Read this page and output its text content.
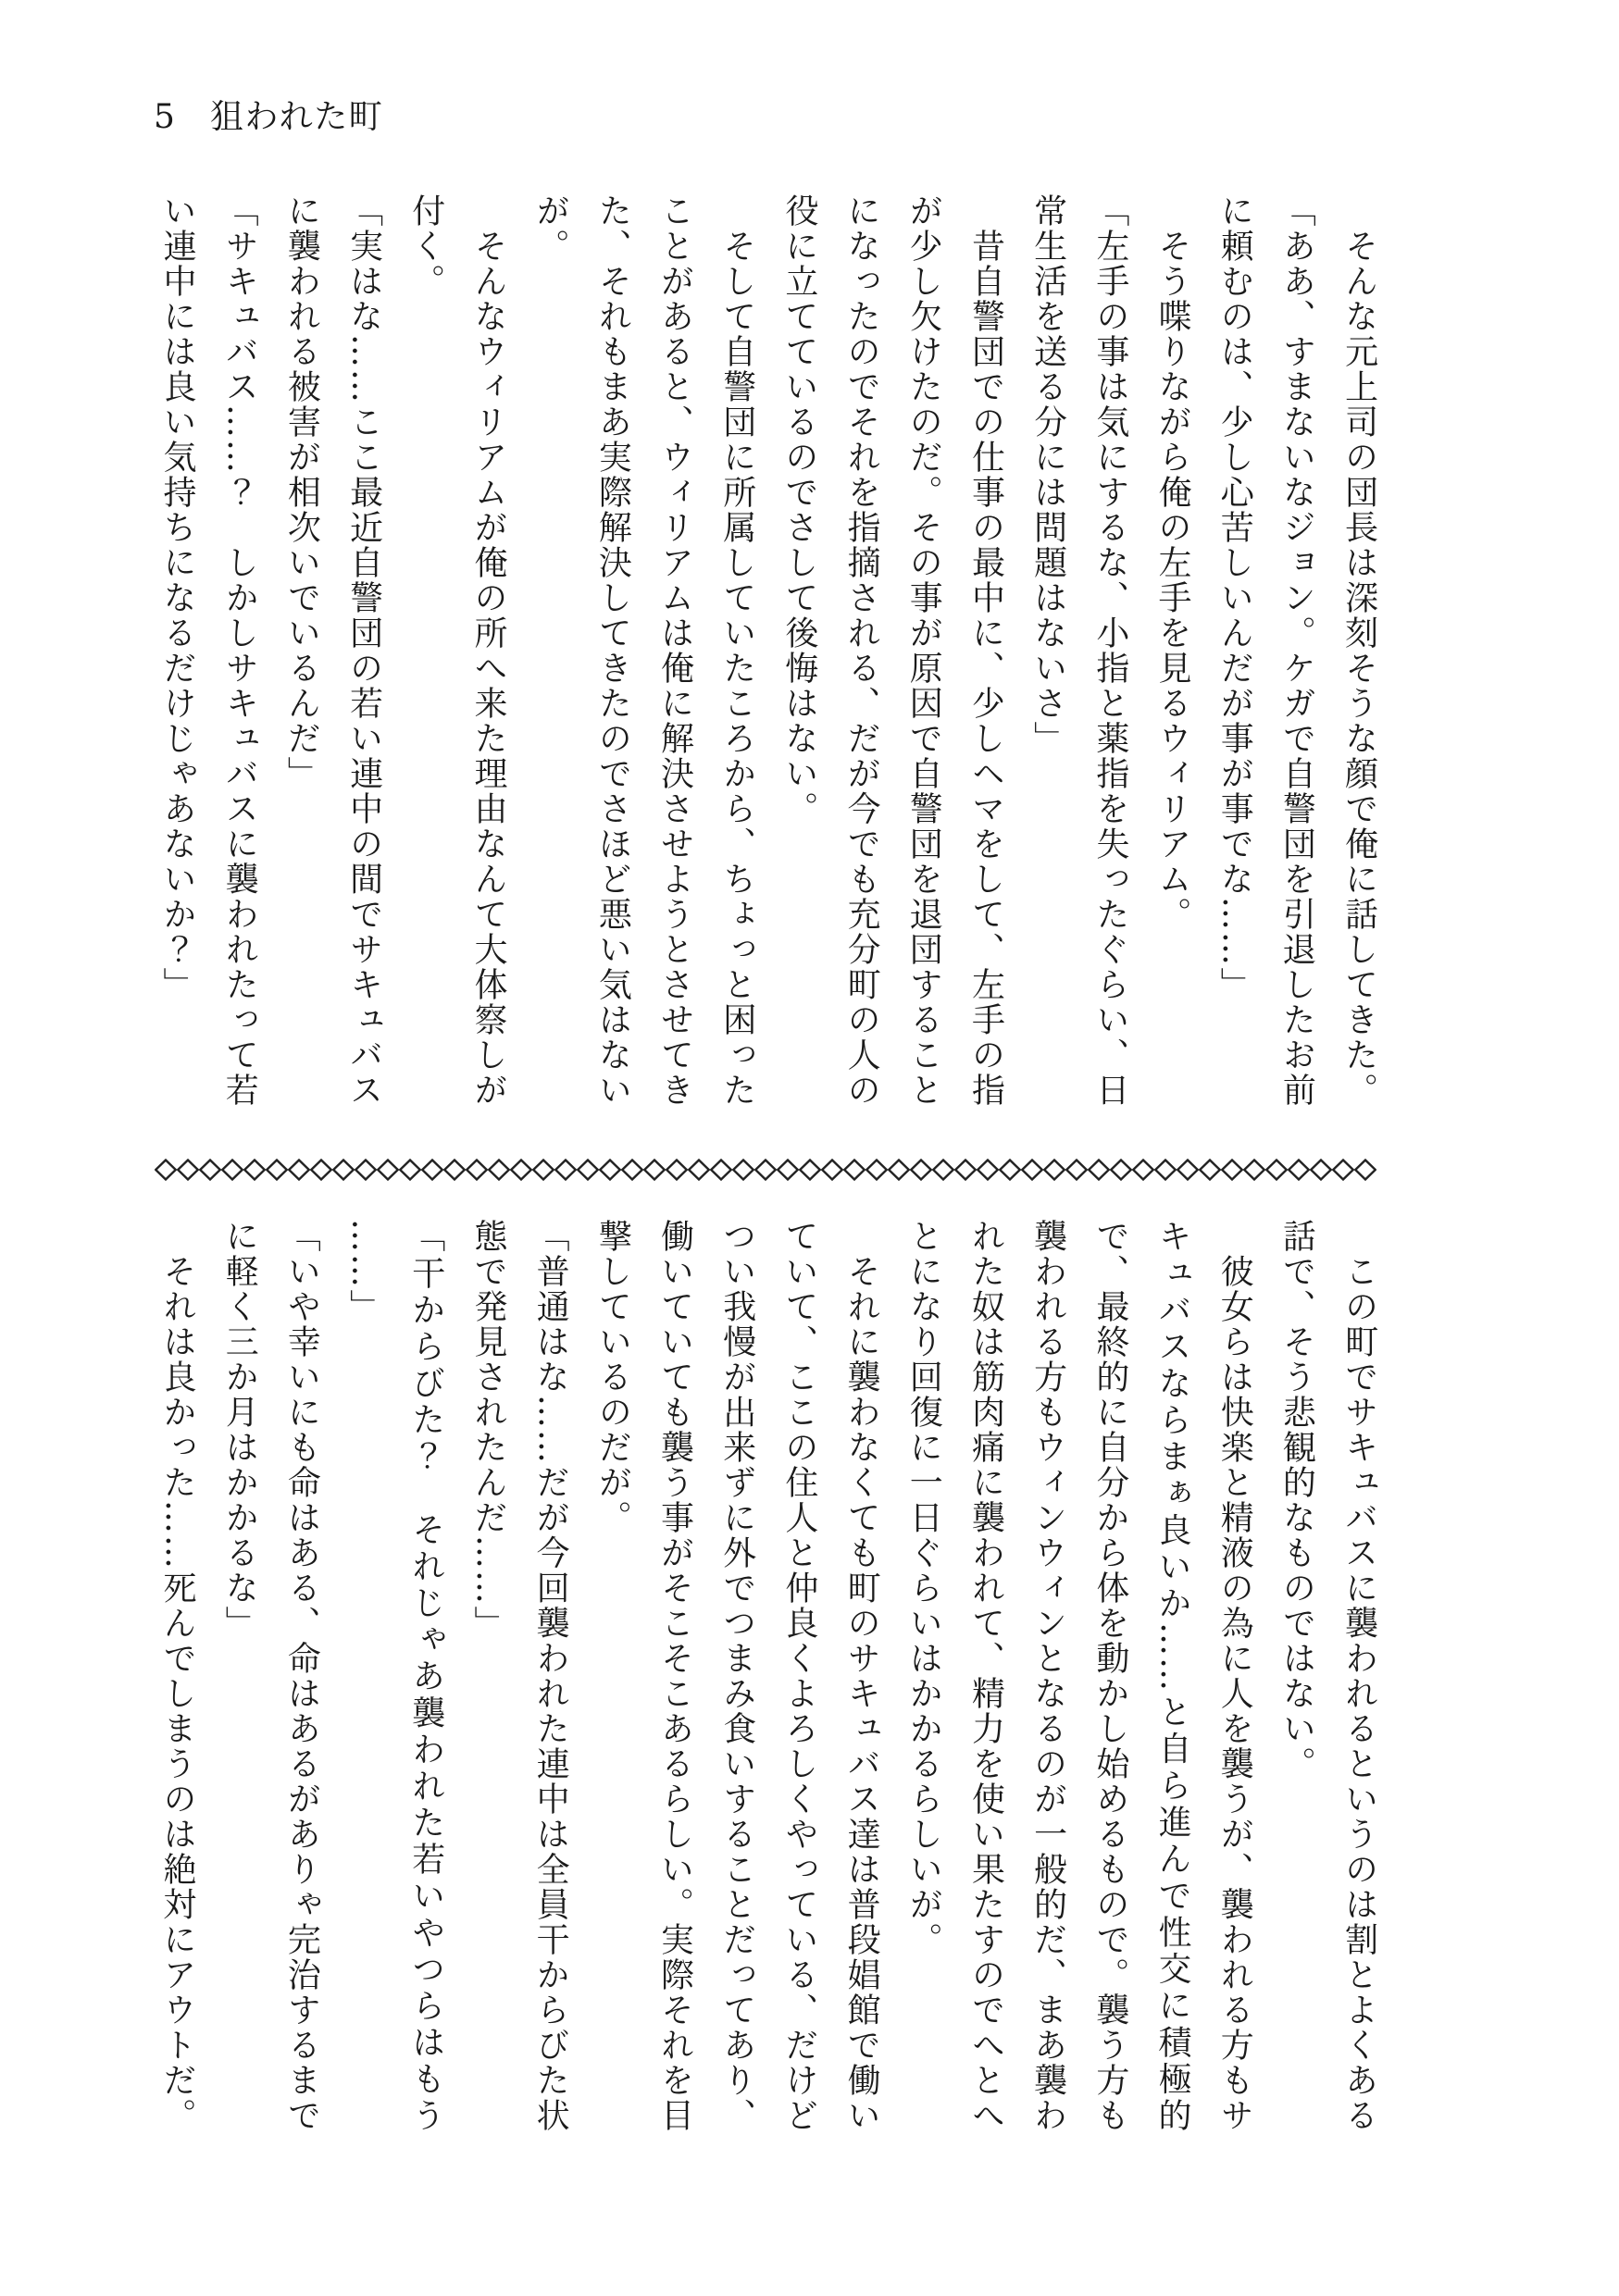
5 狙われた町

　そんな元上司の団長は深刻そうな顔で俺に話してきた。

「ああ、すまないなジョン。ケガで自警団を引退したお前

に頼むのは、少し心苦しいんだが事が事でな……」

　そう喋りながら俺の左手を見るウィリアム。

「左手の事は気にするな、小指と薬指を失ったぐらい、日

常生活を送る分には問題はないさ」

　昔自警団での仕事の最中に、少しヘマをして、左手の指

が少し欠けたのだ。その事が原因で自警団を退団すること

になったのでそれを指摘される、だが今でも充分町の人の

役に立てているのでさして後悔はない。

　そして自警団に所属していたころから、ちょっと困った

ことがあると、ウィリアムは俺に解決させようとさせてき

た、それもまあ実際解決してきたのでさほど悪い気はない

が。

　そんなウィリアムが俺の所へ来た理由なんて大体察しが

付く。

「実はな……ここ最近自警団の若い連中の間でサキュバス

に襲われる被害が相次いでいるんだ」

「サキュバス……？　しかしサキュバスに襲われたって若

い連中には良い気持ちになるだけじゃあないか？」

　この町でサキュバスに襲われるというのは割とよくある

話で、そう悲観的なものではない。

　彼女らは快楽と精液の為に人を襲うが、襲われる方もサ

キュバスならまぁ良いか……と自ら進んで性交に積極的

で、最終的に自分から体を動かし始めるもので。襲う方も

襲われる方もウィンウィンとなるのが一般的だ、まあ襲わ

れた奴は筋肉痛に襲われて、精力を使い果たすのでへとへ

とになり回復に一日ぐらいはかかるらしいが。

　それに襲わなくても町のサキュバス達は普段娼館で働い

ていて、ここの住人と仲良くよろしくやっている、だけど

つい我慢が出来ずに外でつまみ食いすることだってあり、

働いていても襲う事がそこそこあるらしい。実際それを目

撃しているのだが。

「普通はな……だが今回襲われた連中は全員干からびた状

態で発見されたんだ……」

「干からびた？　それじゃあ襲われた若いやつらはもう

……」

「いや幸いにも命はある、命はあるがありゃ完治するまで

に軽く三か月はかかるな」

　それは良かった……死んでしまうのは絶対にアウトだ。
